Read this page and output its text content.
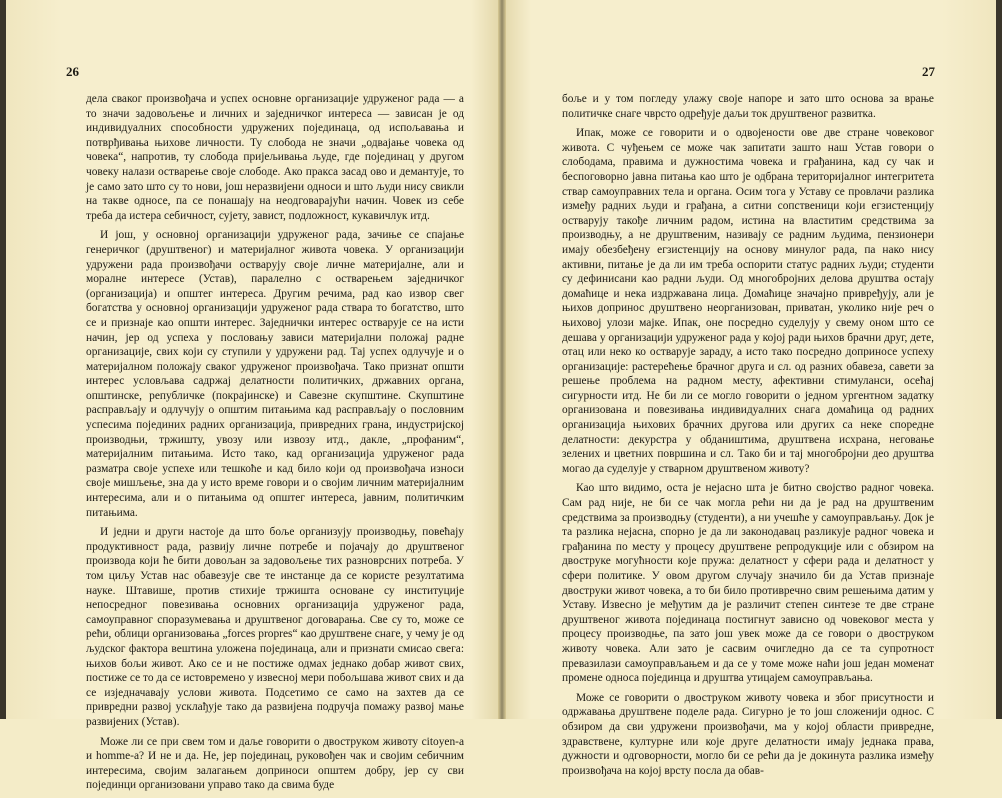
26

дела сваког произвођача и успех основне организације удруженог рада — а то значи задовољење и личних и заједничког интереса — зависан је од индивидуалних способности удружених појединаца, од испољавања и потврђивања њихове личности. Ту слобода не значи „одвајање човека од човека“, напротив, ту слобода пријељивања људе, где појединац у другом човеку налази остварење своје слободе. Ако пракса засад ово и демантује, то је само зато што су то нови, још неразвијени односи и што људи нису свикли на такве односе, па се понашају на неодговарајући начин. Човек из себе треба да истера себичност, сујету, завист, подложност, кукавичлук итд.

И још, у основној организацији удруженог рада, зачиње се спајање генеричког (друштвеног) и материјалног живота човека. У организацији удружени рада произвођачи остварују своје личне материјалне, али и моралне интересе (Устав), паралелно с остварењем заједничког (организација) и општег интереса. Другим речима, рад као извор свег богатства у основној организацији удруженог рада ствара то богатство, што се и признаје као општи интерес. Заједнички интерес остварује се на исти начин, јер од успеха у пословању зависи материјални положај радне организације, свих који су ступили у удружени рад. Тај успех одлучује и о материјалном положају сваког удруженог произвођача. Тако признат општи интерес условљава садржај делатности политичких, државних органа, општинске, републичке (покрајинске) и Савезне скупштине. Скупштине расправљају и одлучују о општим питањима кад расправљају о пословним успесима појединих радних организација, привредних грана, индустријској производњи, тржишту, увозу или извозу итд., дакле, „профаним“, материјалним питањима. Исто тако, кад организација удруженог рада разматра своје успехе или тешкоће и кад било који од произвођача износи своје мишљење, зна да у исто време говори и о својим личним материјалним интересима, али и о питањима од општег интереса, јавним, политичким питањима.

И једни и други настоје да што боље организују производњу, повећају продуктивност рада, развију личне потребе и појачају до друштвеног производа који ће бити довољан за задовољење тих разноврсних потреба. У том циљу Устав нас обавезује све те инстанце да се користе резултатима науке. Штавише, против стихије тржишта основане су институције непосредног повезивања основних организација удруженог рада, самоуправног споразумевања и друштвеног договарања. Све су то, може се рећи, облици организовања „forces propres“ као друштвене снаге, у чему је од људског фактора вештина уложена појединаца, али и признати смисао свега: њихов бољи живот. Ако се и не постиже одмах једнако добар живот свих, постиже се то да се истовремено у извесној мери побољшава живот свих и да се изједначавају услови живота. Подсетимо се само на захтев да се привредни развој усклађује тако да развијена подручја помажу развој мање развијених (Устав).

Може ли се при свем том и даље говорити о двоструком животу citoyen-а и homme-а? И не и да. Не, јер појединац, руковођен чак и својим себичним интересима, својим залагањем доприноси општем добру, јер су сви појединци организовани управо тако да свима буде

27

боље и у том погледу улажу своје напоре и зато што основа за врање политичке снаге чврсто одређује даљи ток друштвеног развитка.

Ипак, може се говорити и о одвојености ове две стране човековог живота. С чуђењем се може чак запитати зашто наш Устав говори о слободама, правима и дужностима човека и грађанина, кад су чак и беспоговорно јавна питања као што је одбрана територијалног интегритета ствар самоуправних тела и органа. Осим тога у Уставу се провлачи разлика између радних људи и грађана, а ситни сопственици који егзистенцију остварују такође личним радом, истина на властитим средствима за производњу, а не друштвеним, називају се радним људима, пензионери имају обезбеђену егзистенцију на основу минулог рада, па нако нису активни, питање је да ли им треба оспорити статус радних људи; студенти су дефинисани као радни људи. Од многобројних делова друштва остају домаћице и нека издржавана лица. Домаћице значајно привређују, али је њихов допринос друштвено неорганизован, приватан, уколико није реч о њиховој улози мајке. Ипак, оне посредно суделују у свему оном што се дешава у организацији удруженог рада у којој ради њихов брачни друг, дете, отац или неко ко остварује зараду, а исто тако посредно доприносе успеху организације: растерећење брачног друга и сл. од разних обавеза, савети за решење проблема на радном месту, афективни стимуланси, осећај сигурности итд. Не би ли се могло говорити о једном ургентном задатку организована и повезивања индивидуалних снага домаћица од радних организација њихових брачних другова или других са неке споредне делатности: декурстра у обдаништима, друштвена исхрана, неговање зелених и цветних површина и сл. Тако би и тај многобројни део друштва могао да суделује у стварном друштвеном животу?

Као што видимо, оста је нејасно шта је битно својство радног човека. Сам рад није, не би се чак могла рећи ни да је рад на друштвеним средствима за производњу (студенти), а ни учешће у самоуправљању. Док је та разлика нејасна, спорно је да ли законодавац разликује радног човека и грађанина по месту у процесу друштвене репродукције или с обзиром на двоструке могућности које пружа: делатност у сфери рада и делатност у сфери политике. У овом другом случају значило би да Устав признаје двоструки живот човека, а то би било противречно свим решењима датим у Уставу. Извесно је међутим да је различит степен синтезе те две стране друштвеног живота појединаца постигнут зависно од човековог места у процесу производње, па зато још увек може да се говори о двоструком животу човека. Али зато је сасвим очигледно да се та супротност превазилази самоуправљањем и да се у томе може наћи још један моменат промене односа појединца и друштва утицајем самоуправљања.

Може се говорити о двоструком животу човека и због присутности и одржавања друштвене поделе рада. Сигурно је то још сложенији однос. С обзиром да сви удружени произвођачи, ма у којој области привредне, здравствене, културне или које друге делатности имају једнака права, дужности и одговорности, могло би се рећи да је докинута разлика између произвођача на којој врсту посла да обав-
